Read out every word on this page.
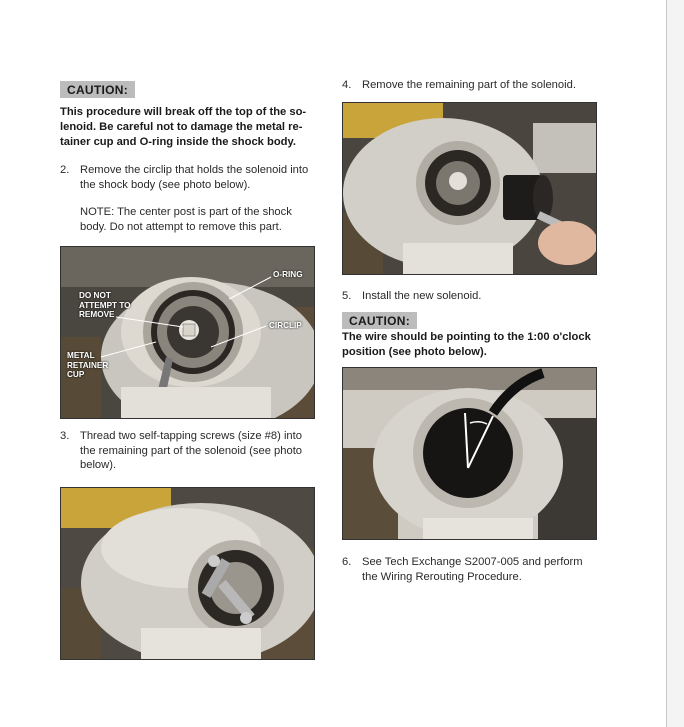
CAUTION:
This procedure will break off the top of the so-
lenoid. Be careful not to damage the metal re-
tainer cup and O-ring inside the shock body.
2. Remove the circlip that holds the solenoid into
the shock body (see photo below).
NOTE: The center post is part of the shock
body. Do not attempt to remove this part.
DO NOT
ATTEMPT TO
REMOVE
O-RING
CIRCLIP
METAL
RETAINER
CUP
3. Thread two self-tapping screws (size #8) into
the remaining part of the solenoid (see photo
below).
4. Remove the remaining part of the solenoid.
5. Install the new solenoid.
CAUTION:
The wire should be pointing to the 1:00 o'clock
position (see photo below).
6. See Tech Exchange S2007-005 and perform
the Wiring Rerouting Procedure.
